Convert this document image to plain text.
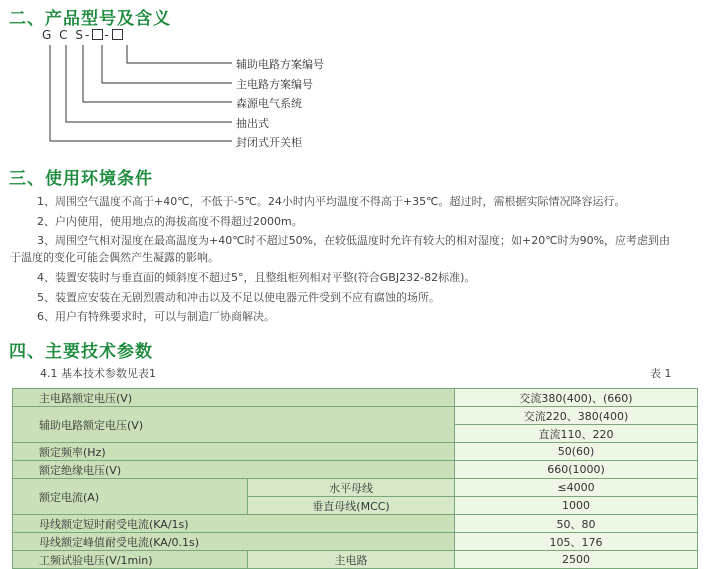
二、产品型号及含义
G C S- -
辅助电路方案编号
主电路方案编号
森源电气系统
抽出式
封闭式开关柜
三、使用环境条件
1、周围空气温度不高于+40℃，不低于-5℃。24小时内平均温度不得高于+35℃。超过时，需根据实际情况降容运行。
2、户内使用，使用地点的海拔高度不得超过2000m。
3、周围空气相对湿度在最高温度为+40℃时不超过50%，在较低温度时允许有较大的相对湿度；如+20℃时为90%，应考虑到由
于温度的变化可能会偶然产生凝露的影响。
4、装置安装时与垂直面的倾斜度不超过5°，且整组柜列相对平整(符合GBJ232-82标准)。
5、装置应安装在无剧烈震动和冲击以及不足以使电器元件受到不应有腐蚀的场所。
6、用户有特殊要求时，可以与制造厂协商解决。
四、主要技术参数
4.1 基本技术参数见表1	表 1
主电路额定电压(V)		交流380(400)、(660)
辅助电路额定电压(V)		交流220、380(400)
		直流110、220
额定频率(Hz)		50(60)
额定绝缘电压(V)		660(1000)
额定电流(A)	水平母线	≤4000
	垂直母线(MCC)	1000
母线额定短时耐受电流(KA/1s)		50、80
母线额定峰值耐受电流(KA/0.1s)		105、176
工频试验电压(V/1min)	主电路	2500
